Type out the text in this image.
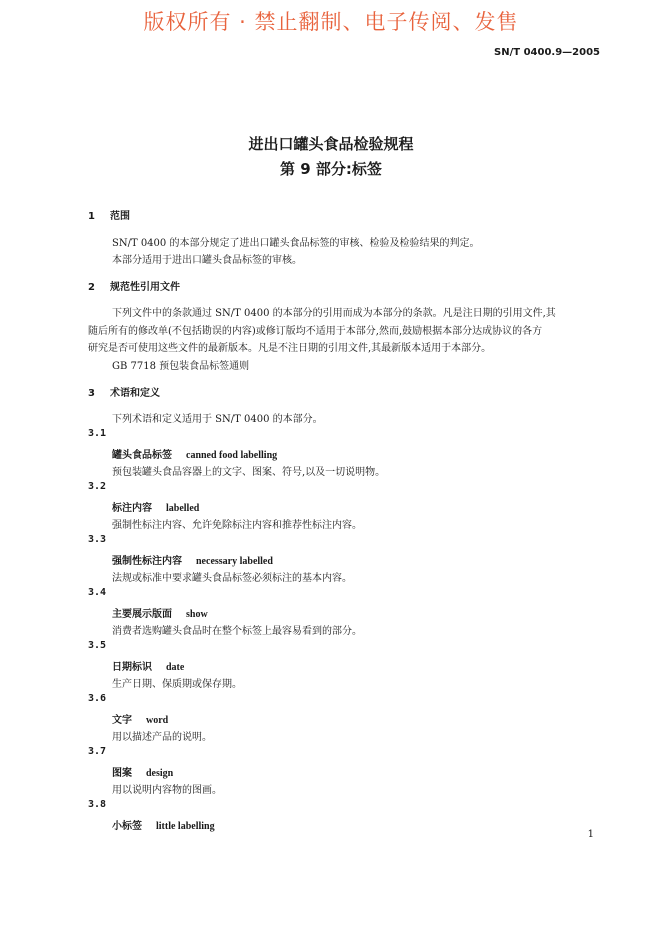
版权所有 · 禁止翻制、电子传阅、发售
SN/T 0400.9—2005
进出口罐头食品检验规程
第 9 部分:标签
1 范围
SN/T 0400 的本部分规定了进出口罐头食品标签的审核、检验及检验结果的判定。
本部分适用于进出口罐头食品标签的审核。
2 规范性引用文件
下列文件中的条款通过 SN/T 0400 的本部分的引用而成为本部分的条款。凡是注日期的引用文件,其
随后所有的修改单(不包括勘误的内容)或修订版均不适用于本部分,然而,鼓励根据本部分达成协议的各方
研究是否可使用这些文件的最新版本。凡是不注日期的引用文件,其最新版本适用于本部分。
GB 7718 预包装食品标签通则
3 术语和定义
下列术语和定义适用于 SN/T 0400 的本部分。
3.1
罐头食品标签 canned food labelling
预包装罐头食品容器上的文字、图案、符号,以及一切说明物。
3.2
标注内容 labelled
强制性标注内容、允许免除标注内容和推荐性标注内容。
3.3
强制性标注内容 necessary labelled
法规或标准中要求罐头食品标签必须标注的基本内容。
3.4
主要展示版面 show
消费者选购罐头食品时在整个标签上最容易看到的部分。
3.5
日期标识 date
生产日期、保质期或保存期。
3.6
文字 word
用以描述产品的说明。
3.7
图案 design
用以说明内容物的图画。
3.8
小标签 little labelling
1
